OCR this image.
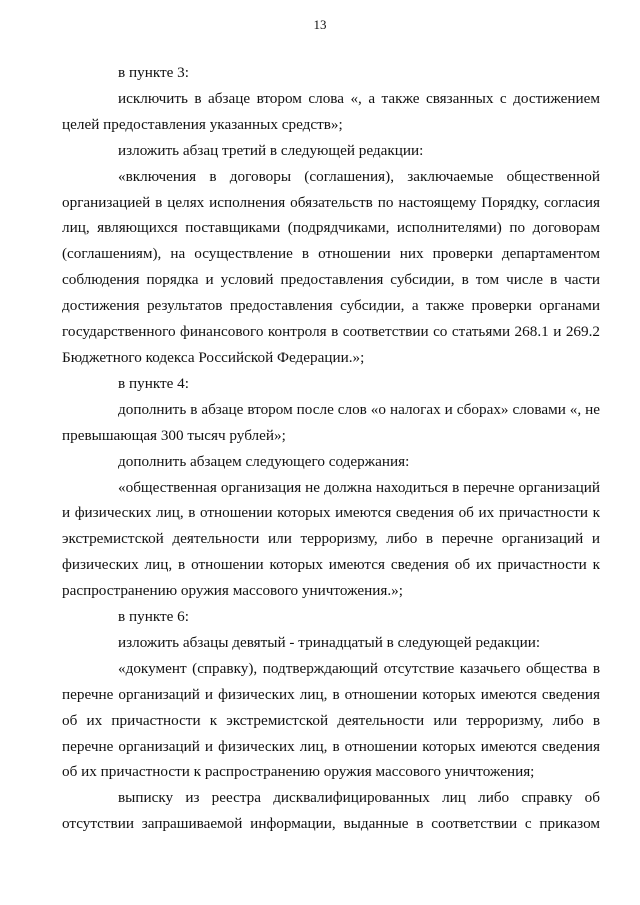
13

в пункте 3:

исключить в абзаце втором слова «, а также связанных с достижением целей предоставления указанных средств»;

изложить абзац третий в следующей редакции:

«включения в договоры (соглашения), заключаемые общественной организацией в целях исполнения обязательств по настоящему Порядку, согласия лиц, являющихся поставщиками (подрядчиками, исполнителями) по договорам (соглашениям), на осуществление в отношении них проверки департаментом соблюдения порядка и условий предоставления субсидии, в том числе в части достижения результатов предоставления субсидии, а также проверки органами государственного финансового контроля в соответствии со статьями 268.1 и 269.2 Бюджетного кодекса Российской Федерации.»;

в пункте 4:

дополнить в абзаце втором после слов «о налогах и сборах» словами «, не превышающая 300 тысяч рублей»;

дополнить абзацем следующего содержания:

«общественная организация не должна находиться в перечне организаций и физических лиц, в отношении которых имеются сведения об их причастности к экстремистской деятельности или терроризму, либо в перечне организаций и физических лиц, в отношении которых имеются сведения об их причастности к распространению оружия массового уничтожения.»;

в пункте 6:

изложить абзацы девятый - тринадцатый в следующей редакции:

«документ (справку), подтверждающий отсутствие казачьего общества в перечне организаций и физических лиц, в отношении которых имеются сведения об их причастности к экстремистской деятельности или терроризму, либо в перечне организаций и физических лиц, в отношении которых имеются сведения об их причастности к распространению оружия массового уничтожения;

выписку из реестра дисквалифицированных лиц либо справку об отсутствии запрашиваемой информации, выданные в соответствии с приказом
